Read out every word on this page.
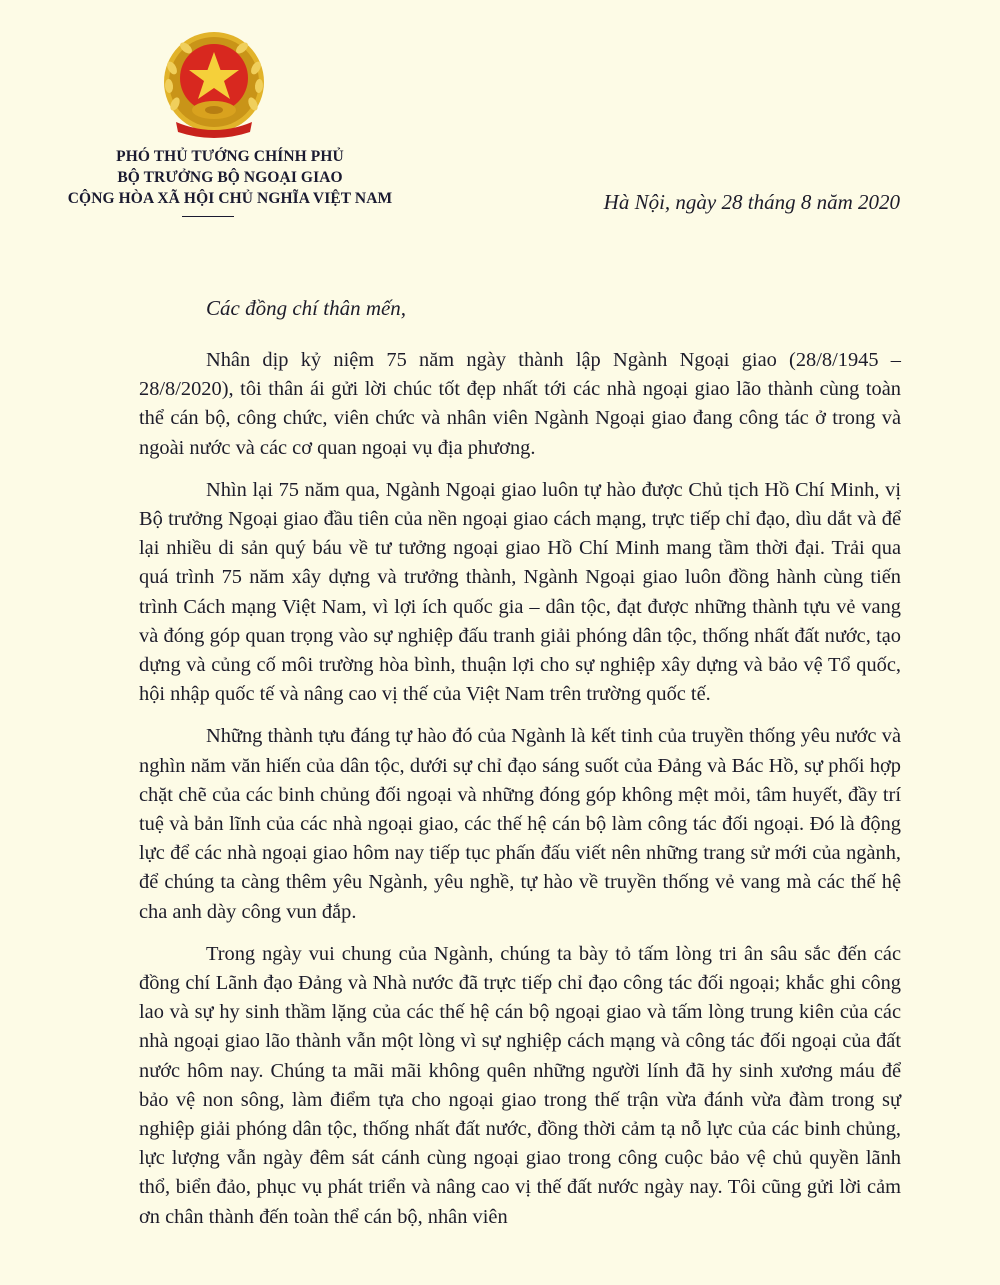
PHÓ THỦ TƯỚNG CHÍNH PHỦ
BỘ TRƯỞNG BỘ NGOẠI GIAO
CỘNG HÒA XÃ HỘI CHỦ NGHĨA VIỆT NAM	Hà Nội, ngày 28 tháng 8 năm 2020
Các đồng chí thân mến,

Nhân dịp kỷ niệm 75 năm ngày thành lập Ngành Ngoại giao (28/8/1945 – 28/8/2020), tôi thân ái gửi lời chúc tốt đẹp nhất tới các nhà ngoại giao lão thành cùng toàn thể cán bộ, công chức, viên chức và nhân viên Ngành Ngoại giao đang công tác ở trong và ngoài nước và các cơ quan ngoại vụ địa phương.

Nhìn lại 75 năm qua, Ngành Ngoại giao luôn tự hào được Chủ tịch Hồ Chí Minh, vị Bộ trưởng Ngoại giao đầu tiên của nền ngoại giao cách mạng, trực tiếp chỉ đạo, dìu dắt và để lại nhiều di sản quý báu về tư tưởng ngoại giao Hồ Chí Minh mang tầm thời đại. Trải qua quá trình 75 năm xây dựng và trưởng thành, Ngành Ngoại giao luôn đồng hành cùng tiến trình Cách mạng Việt Nam, vì lợi ích quốc gia – dân tộc, đạt được những thành tựu vẻ vang và đóng góp quan trọng vào sự nghiệp đấu tranh giải phóng dân tộc, thống nhất đất nước, tạo dựng và củng cố môi trường hòa bình, thuận lợi cho sự nghiệp xây dựng và bảo vệ Tổ quốc, hội nhập quốc tế và nâng cao vị thế của Việt Nam trên trường quốc tế.

Những thành tựu đáng tự hào đó của Ngành là kết tinh của truyền thống yêu nước và nghìn năm văn hiến của dân tộc, dưới sự chỉ đạo sáng suốt của Đảng và Bác Hồ, sự phối hợp chặt chẽ của các binh chủng đối ngoại và những đóng góp không mệt mỏi, tâm huyết, đầy trí tuệ và bản lĩnh của các nhà ngoại giao, các thế hệ cán bộ làm công tác đối ngoại. Đó là động lực để các nhà ngoại giao hôm nay tiếp tục phấn đấu viết nên những trang sử mới của ngành, để chúng ta càng thêm yêu Ngành, yêu nghề, tự hào về truyền thống vẻ vang mà các thế hệ cha anh dày công vun đắp.

Trong ngày vui chung của Ngành, chúng ta bày tỏ tấm lòng tri ân sâu sắc đến các đồng chí Lãnh đạo Đảng và Nhà nước đã trực tiếp chỉ đạo công tác đối ngoại; khắc ghi công lao và sự hy sinh thầm lặng của các thế hệ cán bộ ngoại giao và tấm lòng trung kiên của các nhà ngoại giao lão thành vẫn một lòng vì sự nghiệp cách mạng và công tác đối ngoại của đất nước hôm nay. Chúng ta mãi mãi không quên những người lính đã hy sinh xương máu để bảo vệ non sông, làm điểm tựa cho ngoại giao trong thế trận vừa đánh vừa đàm trong sự nghiệp giải phóng dân tộc, thống nhất đất nước, đồng thời cảm tạ nỗ lực của các binh chủng, lực lượng vẫn ngày đêm sát cánh cùng ngoại giao trong công cuộc bảo vệ chủ quyền lãnh thổ, biển đảo, phục vụ phát triển và nâng cao vị thế đất nước ngày nay. Tôi cũng gửi lời cảm ơn chân thành đến toàn thể cán bộ, nhân viên
